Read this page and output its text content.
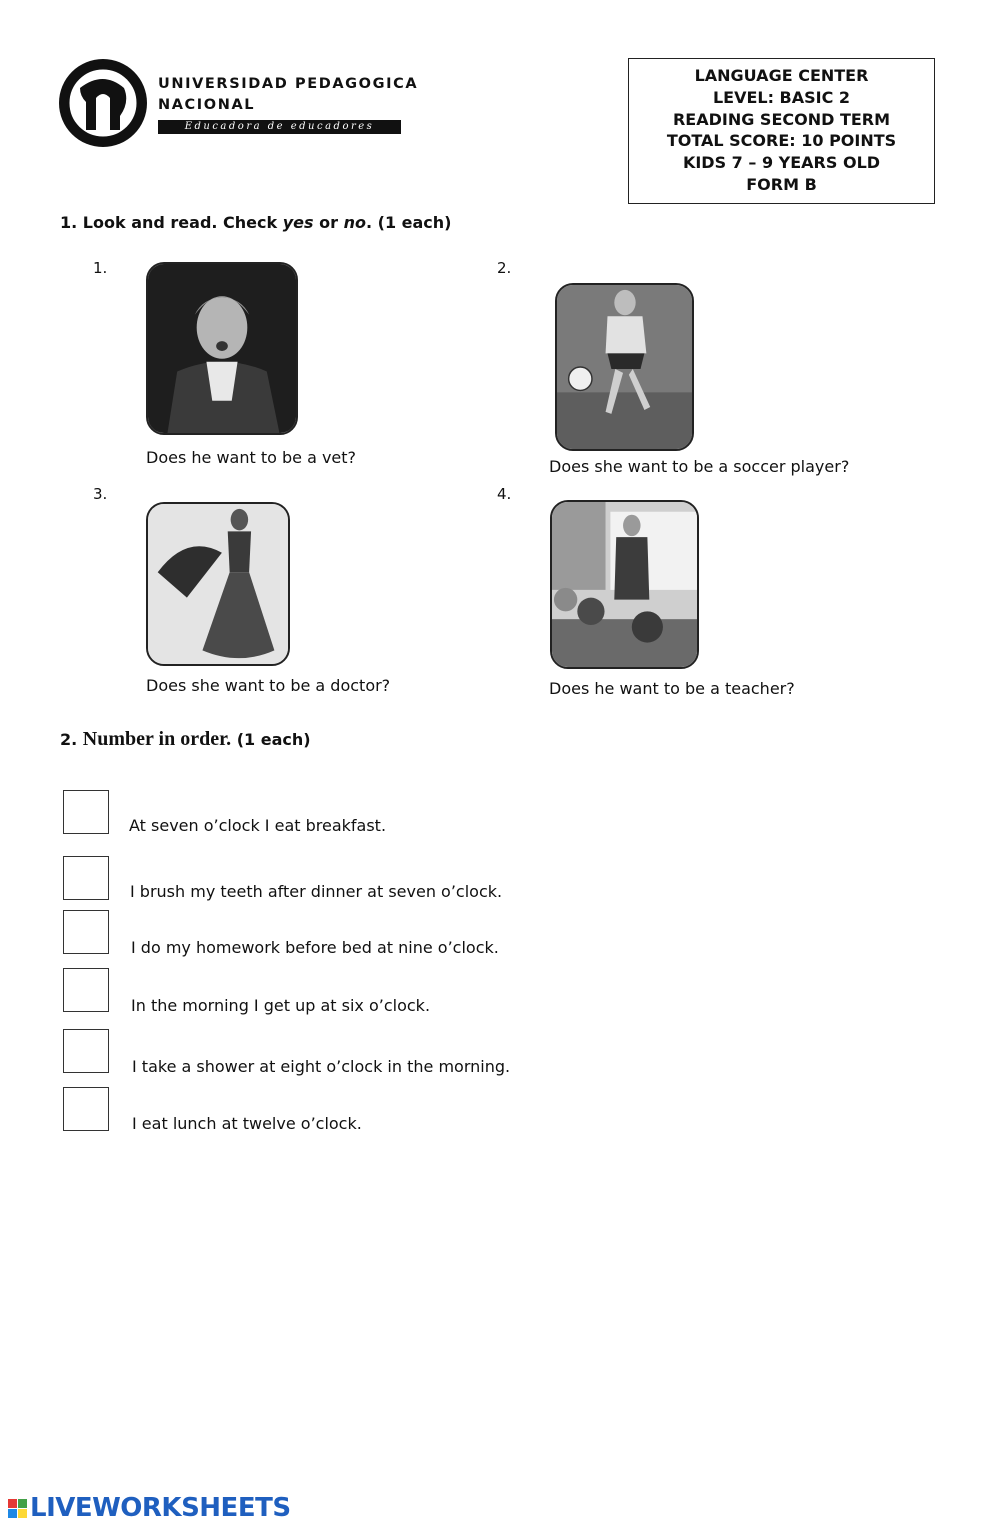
UNIVERSIDAD PEDAGOGICA
NACIONAL
Educadora de educadores
LANGUAGE CENTER
LEVEL: BASIC 2
READING SECOND TERM
TOTAL SCORE: 10 POINTS
KIDS 7 – 9 YEARS OLD
FORM B
1. Look and read. Check yes or no. (1 each)
1.
Does he want to be a vet?
2.
Does she want to be a soccer player?
3.
Does she want to be a doctor?
4.
Does he want to be a teacher?
2. Number in order. (1 each)
At seven o’clock I eat breakfast.
I brush my teeth after dinner at seven o’clock.
I do my homework before bed at nine o’clock.
In the morning I get up at six o’clock.
I take a shower at eight o’clock in the morning.
I eat lunch at twelve o’clock.
LIVEWORKSHEETS
